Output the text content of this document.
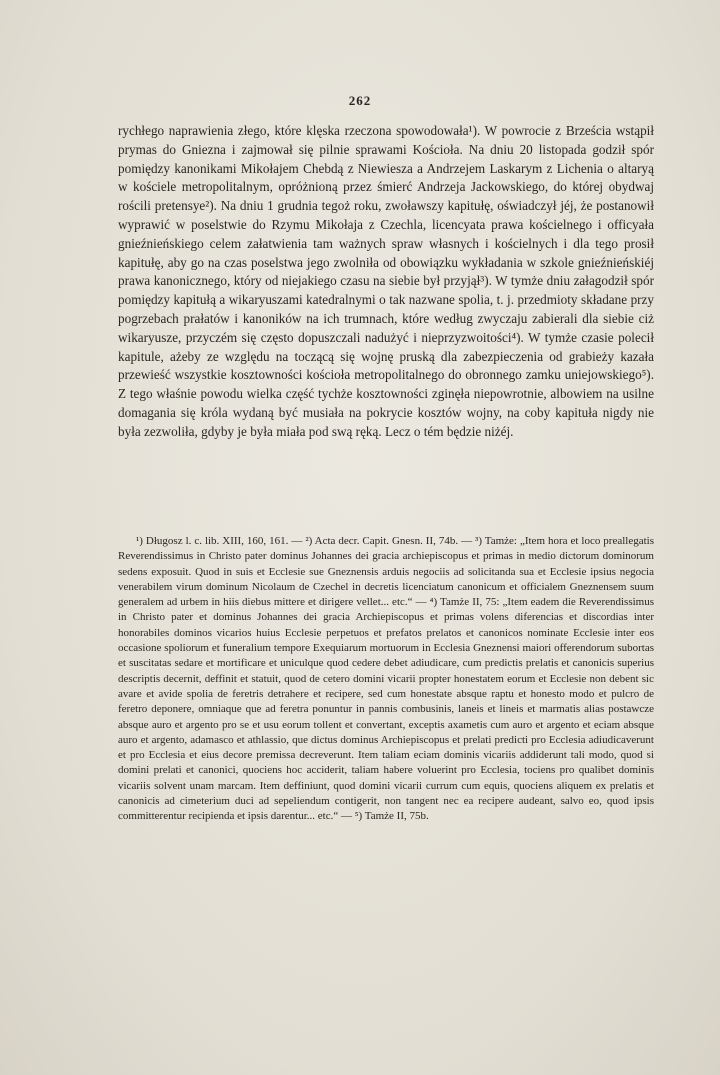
262

rychłego naprawienia złego, które klęska rzeczona spowodowała¹). W powrocie z Brześcia wstąpił prymas do Gniezna i zajmował się pilnie sprawami Kościoła. Na dniu 20 listopada godził spór pomiędzy kanonikami Mikołajem Chebdą z Niewiesza a Andrzejem Laskarym z Lichenia o altaryą w kościele metropolitalnym, opróżnioną przez śmierć Andrzeja Jackowskiego, do której obydwaj rościli pretensye²). Na dniu 1 grudnia tegoż roku, zwoławszy kapitułę, oświadczył jéj, że postanowił wyprawić w poselstwie do Rzymu Mikołaja z Czechla, licencyata prawa kościelnego i officyała gnieźnieńskiego celem załatwienia tam ważnych spraw własnych i kościelnych i dla tego prosił kapitułę, aby go na czas poselstwa jego zwolniła od obowiązku wykładania w szkole gnieźnieńskiéj prawa kanonicznego, który od niejakiego czasu na siebie był przyjął³). W tymże dniu załagodził spór pomiędzy kapitułą a wikaryuszami katedralnymi o tak nazwane spolia, t. j. przedmioty składane przy pogrzebach prałatów i kanoników na ich trumnach, które według zwyczaju zabierali dla siebie ciż wikaryusze, przyczém się często dopuszczali nadużyć i nieprzyzwoitości⁴). W tymże czasie polecił kapitule, ażeby ze względu na toczącą się wojnę pruską dla zabezpieczenia od grabieży kazała przewieść wszystkie kosztowności kościoła metropolitalnego do obronnego zamku uniejowskiego⁵). Z tego właśnie powodu wielka część tychże kosztowności zginęła niepowrotnie, albowiem na usilne domagania się króla wydaną być musiała na pokrycie kosztów wojny, na coby kapituła nigdy nie była zezwoliła, gdyby je była miała pod swą ręką. Lecz o tém będzie niżéj.

¹) Długosz l. c. lib. XIII, 160, 161. — ²) Acta decr. Capit. Gnesn. II, 74b. — ³) Tamże: „Item hora et loco preallegatis Reverendissimus in Christo pater dominus Johannes dei gracia archiepiscopus et primas in medio dictorum dominorum sedens exposuit. Quod in suis et Ecclesie sue Gneznensis arduis negociis ad solicitanda sua et Ecclesie ipsius negocia venerabilem virum dominum Nicolaum de Czechel in decretis licenciatum canonicum et officialem Gneznensem suum generalem ad urbem in hiis diebus mittere et dirigere vellet... etc.“ — ⁴) Tamże II, 75: „Item eadem die Reverendissimus in Christo pater et dominus Johannes dei gracia Archiepiscopus et primas volens diferencias et discordias inter honorabiles dominos vicarios huius Ecclesie perpetuos et prefatos prelatos et canonicos nominate Ecclesie inter eos occasione spoliorum et funeralium tempore Exequiarum mortuorum in Ecclesia Gneznensi maiori offerendorum subortas et suscitatas sedare et mortificare et uniculque quod cedere debet adiudicare, cum predictis prelatis et canonicis superius descriptis decernit, deffinit et statuit, quod de cetero domini vicarii propter honestatem eorum et Ecclesie non debent sic avare et avide spolia de feretris detrahere et recipere, sed cum honestate absque raptu et honesto modo et pulcro de feretro deponere, omniaque que ad feretra ponuntur in pannis combusinis, laneis et lineis et marmatis alias postawcze absque auro et argento pro se et usu eorum tollent et convertant, exceptis axametis cum auro et argento et eciam absque auro et argento, adamasco et athlassio, que dictus dominus Archiepiscopus et prelati predicti pro Ecclesia adiudicaverunt et pro Ecclesia et eius decore premissa decreverunt. Item taliam eciam dominis vicariis addiderunt tali modo, quod si domini prelati et canonici, quociens hoc acciderit, taliam habere voluerint pro Ecclesia, tociens pro qualibet dominis vicariis solvent unam marcam. Item deffiniunt, quod domini vicarii currum cum equis, quociens aliquem ex prelatis et canonicis ad cimeterium duci ad sepeliendum contigerit, non tangent nec ea recipere audeant, salvo eo, quod ipsis committerentur recipienda et ipsis darentur... etc.“ — ⁵) Tamże II, 75b.
